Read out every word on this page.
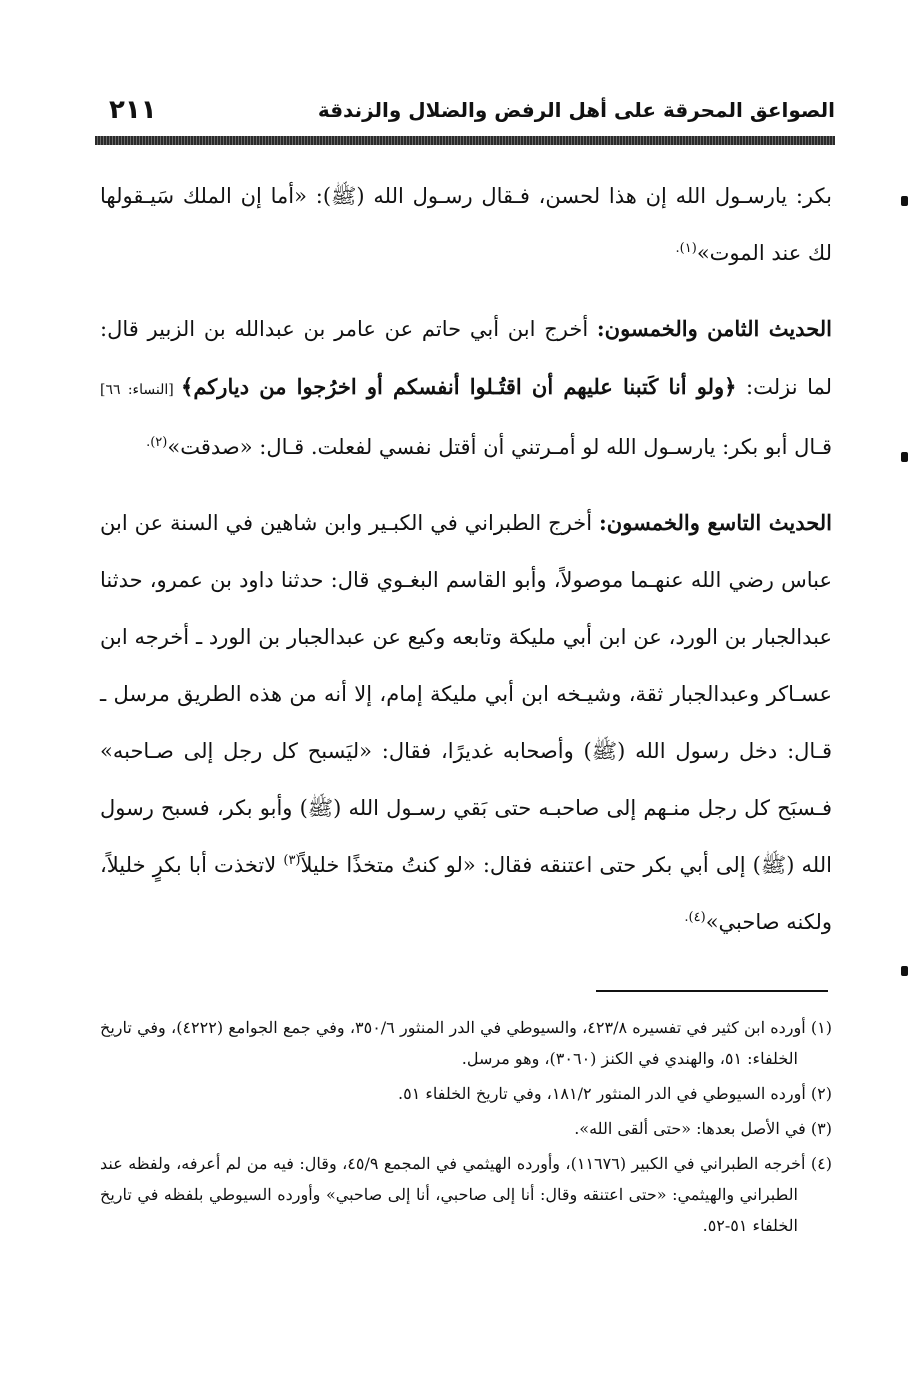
الصواعق المحرقة على أهل الرفض والضلال والزندقة
٢١١

بكر: يارسـول الله إن هذا لحسن، فـقال رسـول الله (ﷺ): «أما إن الملك سَيـقولها لك عند الموت»$^{(١).}$

الحديث الثامن والخمسون: أخرج ابن أبي حاتم عن عامر بن عبدالله بن الزبير قال: لما نزلت: ﴿ولو أنا كَتبنا عليهم أن اقتُـلوا أنفسكم أو اخرُجوا من دياركم﴾ [النساء: ٦٦] قـال أبو بكر: يارسـول الله لو أمـرتني أن أقتل نفسي لفعلت. قـال: «صدقت»$^{(٢).}$

الحديث التاسع والخمسون: أخرج الطبراني في الكبـير وابن شاهين في السنة عن ابن عباس رضي الله عنهـما موصولاً، وأبو القاسم البغـوي قال: حدثنا داود بن عمرو، حدثنا عبدالجبار بن الورد، عن ابن أبي مليكة وتابعه وكيع عن عبدالجبار بن الورد ـ أخرجه ابن عسـاكر وعبدالجبار ثقة، وشيـخه ابن أبي مليكة إمام، إلا أنه من هذه الطريق مرسل ـ قـال: دخل رسول الله (ﷺ) وأصحابه غديرًا، فقال: «ليَسبح كل رجل إلى صـاحبه» فـسبَح كل رجل منـهم إلى صاحبـه حتى بَقي رسـول الله (ﷺ) وأبو بكر، فسبح رسول الله (ﷺ) إلى أبي بكر حتى اعتنقه فقال: «لو كنتُ متخذًا خليلاً$^{(٣)}$ لاتخذت أبا بكرٍ خليلاً، ولكنه صاحبي»$^{(٤).}$

(١) أورده ابن كثير في تفسيره ٤٢٣/٨، والسيوطي في الدر المنثور ٣٥٠/٦، وفي جمع الجوامع (٤٢٢٢)، وفي تاريخ الخلفاء: ٥١، والهندي في الكنز (٣٠٦٠)، وهو مرسل.

(٢) أورده السيوطي في الدر المنثور ١٨١/٢، وفي تاريخ الخلفاء ٥١.

(٣) في الأصل بعدها: «حتى ألقى الله».

(٤) أخرجه الطبراني في الكبير (١١٦٧٦)، وأورده الهيثمي في المجمع ٤٥/٩، وقال: فيه من لم أعرفه، ولفظه عند الطبراني والهيثمي: «حتى اعتنقه وقال: أنا إلى صاحبي، أنا إلى صاحبي» وأورده السيوطي بلفظه في تاريخ الخلفاء ٥١-٥٢.
